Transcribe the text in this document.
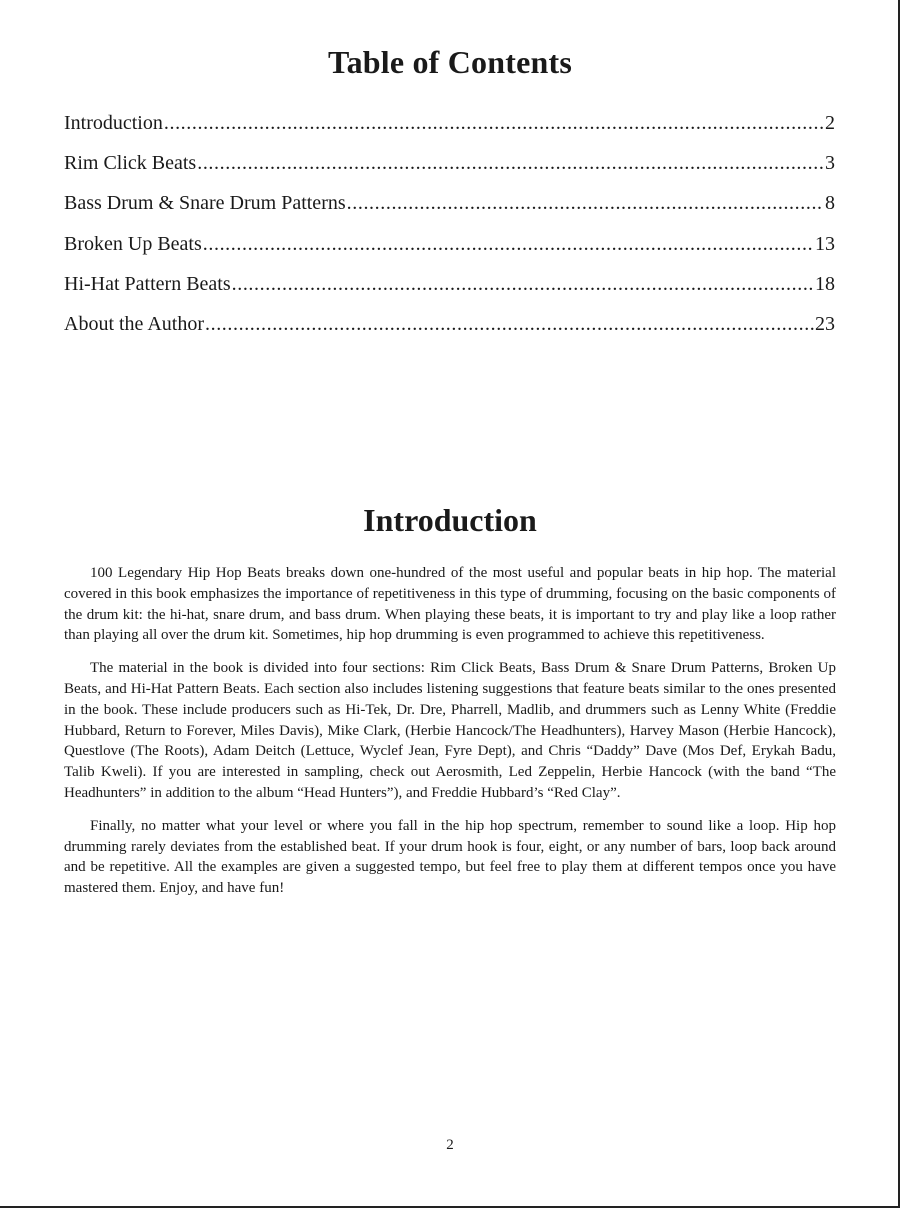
Table of Contents
Introduction .....	2
Rim Click Beats .....	3
Bass Drum & Snare Drum Patterns .....	8
Broken Up Beats .....	13
Hi-Hat Pattern Beats .....	18
About the Author .....	23
Introduction

100 Legendary Hip Hop Beats breaks down one-hundred of the most useful and popular beats in hip hop. The material covered in this book emphasizes the importance of repetitiveness in this type of drumming, focusing on the basic components of the drum kit: the hi-hat, snare drum, and bass drum. When playing these beats, it is important to try and play like a loop rather than playing all over the drum kit. Sometimes, hip hop drumming is even programmed to achieve this repetitiveness.

The material in the book is divided into four sections: Rim Click Beats, Bass Drum & Snare Drum Patterns, Broken Up Beats, and Hi-Hat Pattern Beats. Each section also includes listening suggestions that feature beats similar to the ones presented in the book. These include producers such as Hi-Tek, Dr. Dre, Pharrell, Madlib, and drummers such as Lenny White (Freddie Hubbard, Return to Forever, Miles Davis), Mike Clark, (Herbie Hancock/The Headhunters), Harvey Mason (Herbie Hancock), Questlove (The Roots), Adam Deitch (Lettuce, Wyclef Jean, Fyre Dept), and Chris “Daddy” Dave (Mos Def, Erykah Badu, Talib Kweli). If you are interested in sampling, check out Aerosmith, Led Zeppelin, Herbie Hancock (with the band “The Headhunters” in addition to the album “Head Hunters”), and Freddie Hubbard’s “Red Clay”.

Finally, no matter what your level or where you fall in the hip hop spectrum, remember to sound like a loop. Hip hop drumming rarely deviates from the established beat. If your drum hook is four, eight, or any number of bars, loop back around and be repetitive. All the examples are given a suggested tempo, but feel free to play them at different tempos once you have mastered them. Enjoy, and have fun!

2
